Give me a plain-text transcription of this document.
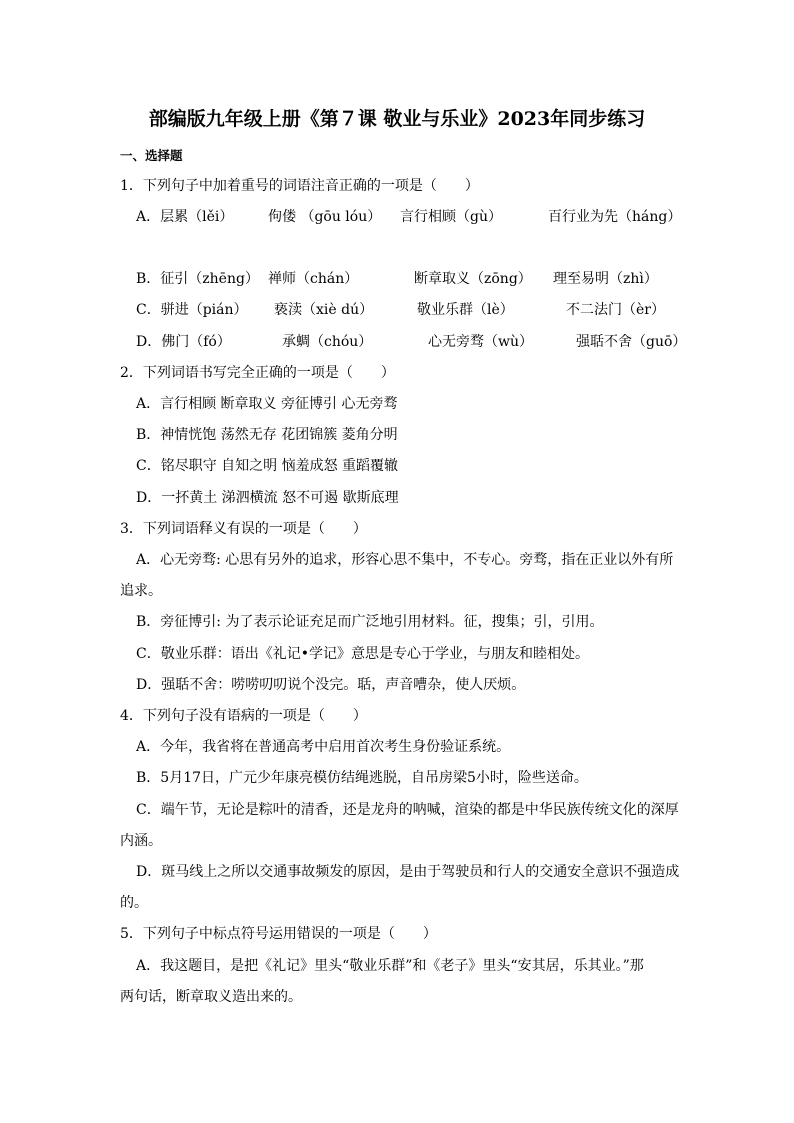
部编版九年级上册《第７课 敬业与乐业》2023年同步练习
一、选择题
1．下列句子中加着重号的词语注音正确的一项是（　　）
A．层累（lěi） 佝偻 （gōu lóu） 言行相顾（gù）	百行业为先（háng）
B．征引（zhēng） 禅师（chán）	断章取义（zōng） 理至易明（zhì）
C．骈进（pián） 亵渎（xiè dú）	敬业乐群（lè）	不二法门（èr）
D．佛门（fó）	承蜩（chóu）	心无旁骛（wù）	强聒不舍（guō）
2．下列词语书写完全正确的一项是（　　）
A．言行相顾 断章取义 旁征博引 心无旁骛
B．神情恍饱 荡然无存 花团锦簇 菱角分明
C．铭尽职守 自知之明 恼羞成怒 重蹈覆辙
D．一抔黄土 涕泗横流 怒不可遏 歇斯底理
3．下列词语释义有误的一项是（　　）
A．心无旁骛: 心思有另外的追求，形容心思不集中，不专心。旁骛，指在正业以外有所
追求。
B．旁征博引: 为了表示论证充足而广泛地引用材料。征，搜集；引，引用。
C．敬业乐群：语出《礼记•学记》意思是专心于学业，与朋友和睦相处。
D．强聒不舍：唠唠叨叨说个没完。聒，声音嘈杂，使人厌烦。
4．下列句子没有语病的一项是（　　）
A．今年，我省将在普通高考中启用首次考生身份验证系统。
B．5月17日，广元少年康亮模仿结绳逃脱，自吊房梁5小时，险些送命。
C．端午节，无论是粽叶的清香，还是龙舟的呐喊，渲染的都是中华民族传统文化的深厚
内涵。
D．斑马线上之所以交通事故频发的原因，是由于驾驶员和行人的交通安全意识不强造成
的。
5．下列句子中标点符号运用错误的一项是（　　）
A．我这题目，是把《礼记》里头“敬业乐群”和《老子》里头“安其居，乐其业。”那
两句话，断章取义造出来的。
